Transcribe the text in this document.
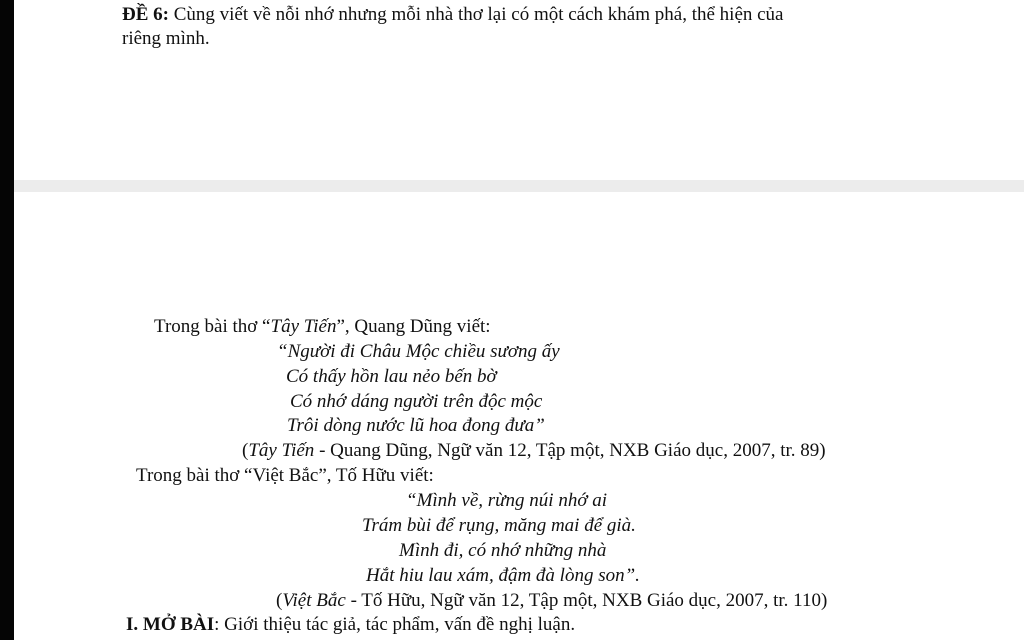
ĐỀ 6: Cùng viết về nỗi nhớ nhưng mỗi nhà thơ lại có một cách khám phá, thể hiện của
riêng mình.
Trong bài thơ “Tây Tiến”, Quang Dũng viết:
“Người đi Châu Mộc chiều sương ấy
Có thấy hồn lau nẻo bến bờ
Có nhớ dáng người trên độc mộc
Trôi dòng nước lũ hoa đong đưa”
(Tây Tiến - Quang Dũng, Ngữ văn 12, Tập một, NXB Giáo dục, 2007, tr. 89)
Trong bài thơ “Việt Bắc”, Tố Hữu viết:
“Mình về, rừng núi nhớ ai
Trám bùi để rụng, măng mai để già.
Mình đi, có nhớ những nhà
Hắt hiu lau xám, đậm đà lòng son”.
(Việt Bắc - Tố Hữu, Ngữ văn 12, Tập một, NXB Giáo dục, 2007, tr. 110)
I. MỞ BÀI: Giới thiệu tác giả, tác phẩm, vấn đề nghị luận.
